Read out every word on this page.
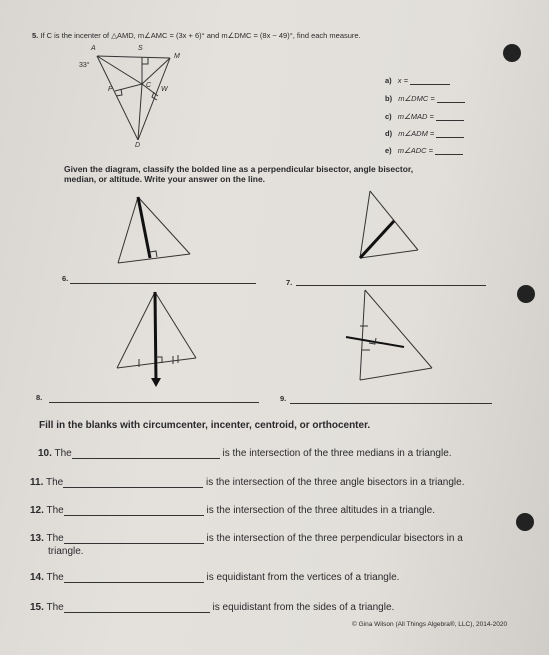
5. If C is the incenter of △AMD, m∠AMC = (3x + 6)° and m∠DMC = (8x − 49)°, find each measure.
A	S
M
C
P	W
D
33°
a) x =
b) m∠DMC =
c) m∠MAD =
d) m∠ADM =
e) m∠ADC =
Given the diagram, classify the bolded line as a perpendicular bisector, angle bisector,
median, or altitude. Write your answer on the line.
6.	7.
8.	9.
Fill in the blanks with circumcenter, incenter, centroid, or orthocenter.
10. The	is the intersection of the three medians in a triangle.
11. The	is the intersection of the three angle bisectors in a triangle.
12. The	is the intersection of the three altitudes in a triangle.
13. The	is the intersection of the three perpendicular bisectors in a
triangle.
14. The	is equidistant from the vertices of a triangle.
15. The	is equidistant from the sides of a triangle.
© Gina Wilson (All Things Algebra®, LLC), 2014-2020
